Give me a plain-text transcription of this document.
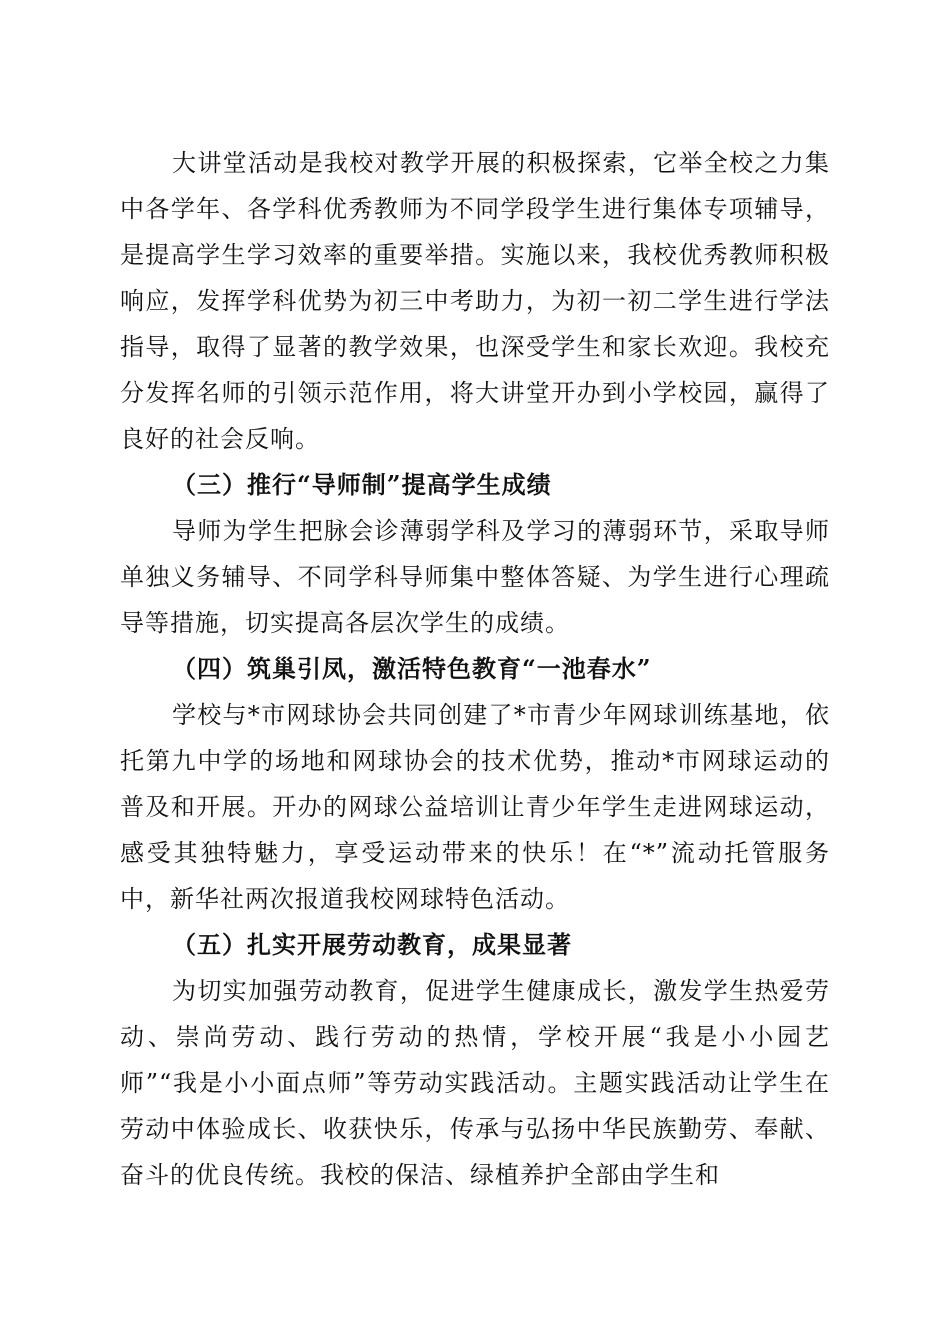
大讲堂活动是我校对教学开展的积极探索，它举全校之力集中各学年、各学科优秀教师为不同学段学生进行集体专项辅导，是提高学生学习效率的重要举措。实施以来，我校优秀教师积极响应，发挥学科优势为初三中考助力，为初一初二学生进行学法指导，取得了显著的教学效果，也深受学生和家长欢迎。我校充分发挥名师的引领示范作用，将大讲堂开办到小学校园，赢得了良好的社会反响。

（三）推行“导师制”提高学生成绩

导师为学生把脉会诊薄弱学科及学习的薄弱环节，采取导师单独义务辅导、不同学科导师集中整体答疑、为学生进行心理疏导等措施，切实提高各层次学生的成绩。

（四）筑巢引凤，激活特色教育“一池春水”

学校与*市网球协会共同创建了*市青少年网球训练基地，依托第九中学的场地和网球协会的技术优势，推动*市网球运动的普及和开展。开办的网球公益培训让青少年学生走进网球运动，感受其独特魅力，享受运动带来的快乐！在“*”流动托管服务中，新华社两次报道我校网球特色活动。

（五）扎实开展劳动教育，成果显著

为切实加强劳动教育，促进学生健康成长，激发学生热爱劳动、崇尚劳动、践行劳动的热情，学校开展“我是小小园艺师”“我是小小面点师”等劳动实践活动。主题实践活动让学生在劳动中体验成长、收获快乐，传承与弘扬中华民族勤劳、奉献、奋斗的优良传统。我校的保洁、绿植养护全部由学生和
